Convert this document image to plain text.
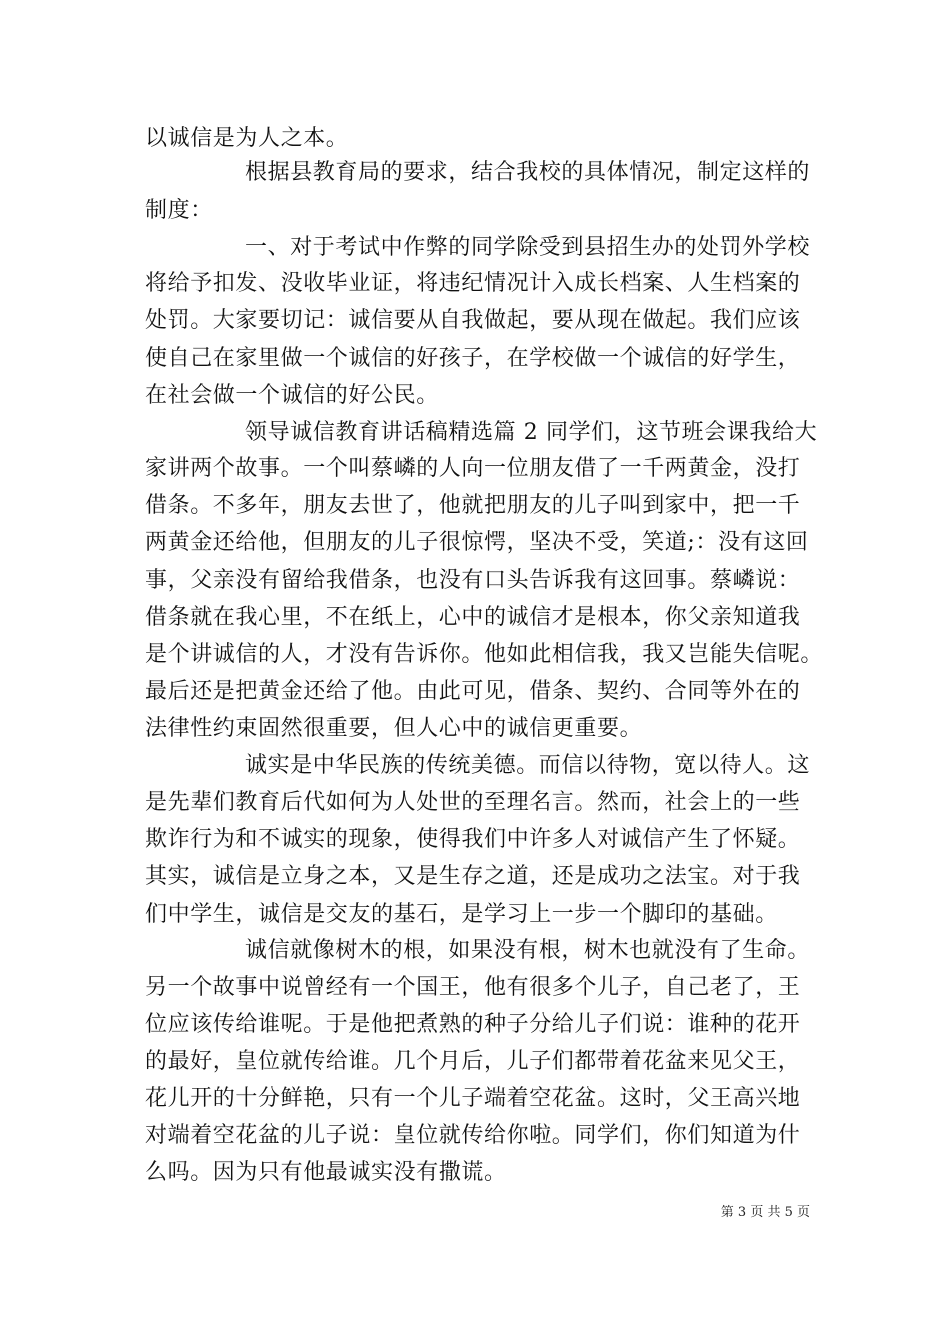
以诚信是为人之本。
根据县教育局的要求，结合我校的具体情况，制定这样的
制度：
一、对于考试中作弊的同学除受到县招生办的处罚外学校
将给予扣发、没收毕业证，将违纪情况计入成长档案、人生档案的
处罚。大家要切记：诚信要从自我做起，要从现在做起。我们应该
使自己在家里做一个诚信的好孩子，在学校做一个诚信的好学生，
在社会做一个诚信的好公民。
领导诚信教育讲话稿精选篇 2 同学们，这节班会课我给大
家讲两个故事。一个叫蔡嶙的人向一位朋友借了一千两黄金，没打
借条。不多年，朋友去世了，他就把朋友的儿子叫到家中，把一千
两黄金还给他，但朋友的儿子很惊愕，坚决不受，笑道;：没有这回
事，父亲没有留给我借条，也没有口头告诉我有这回事。蔡嶙说：
借条就在我心里，不在纸上，心中的诚信才是根本，你父亲知道我
是个讲诚信的人，才没有告诉你。他如此相信我，我又岂能失信呢。
最后还是把黄金还给了他。由此可见，借条、契约、合同等外在的
法律性约束固然很重要，但人心中的诚信更重要。
诚实是中华民族的传统美德。而信以待物，宽以待人。这
是先辈们教育后代如何为人处世的至理名言。然而，社会上的一些
欺诈行为和不诚实的现象，使得我们中许多人对诚信产生了怀疑。
其实，诚信是立身之本，又是生存之道，还是成功之法宝。对于我
们中学生，诚信是交友的基石，是学习上一步一个脚印的基础。
诚信就像树木的根，如果没有根，树木也就没有了生命。
另一个故事中说曾经有一个国王，他有很多个儿子，自己老了，王
位应该传给谁呢。于是他把煮熟的种子分给儿子们说：谁种的花开
的最好，皇位就传给谁。几个月后，儿子们都带着花盆来见父王，
花儿开的十分鲜艳，只有一个儿子端着空花盆。这时，父王高兴地
对端着空花盆的儿子说：皇位就传给你啦。同学们，你们知道为什
么吗。因为只有他最诚实没有撒谎。
第 3 页 共 5 页
